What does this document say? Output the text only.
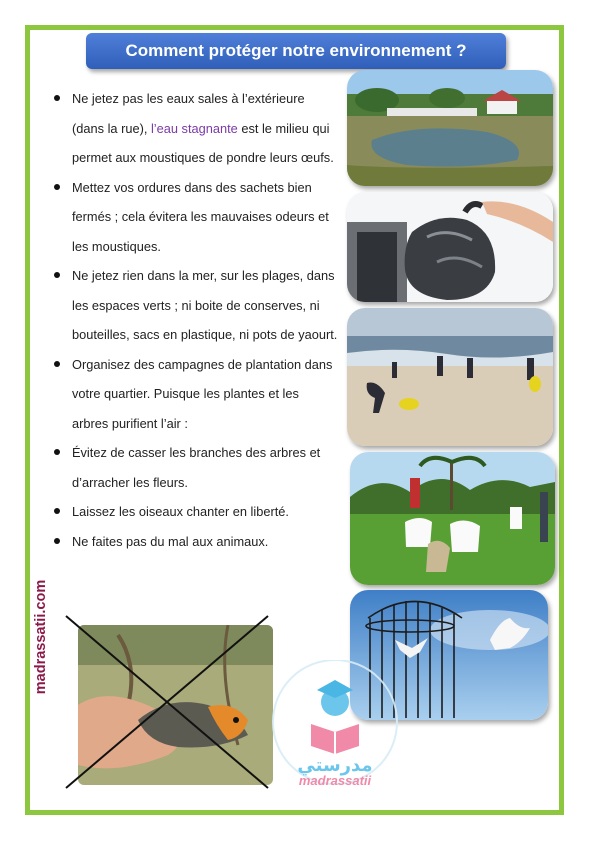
Comment protéger notre environnement ?
Ne jetez pas les eaux sales à l’extérieure (dans la rue), l’eau stagnante est le milieu qui permet aux moustiques de pondre leurs œufs.
Mettez vos ordures dans des sachets bien fermés ; cela évitera les mauvaises odeurs et les moustiques.
Ne jetez rien dans la mer, sur les plages, dans les espaces verts ; ni boite de conserves, ni bouteilles, sacs en plastique, ni pots de yaourt.
Organisez des campagnes de plantation dans votre quartier. Puisque les plantes et les arbres purifient l’air :
Évitez de casser les branches des arbres et d’arracher les fleurs.
Laissez les oiseaux chanter en liberté.
Ne faites pas du mal aux animaux.
مدرستي
madrassatii
madrassatii.com
